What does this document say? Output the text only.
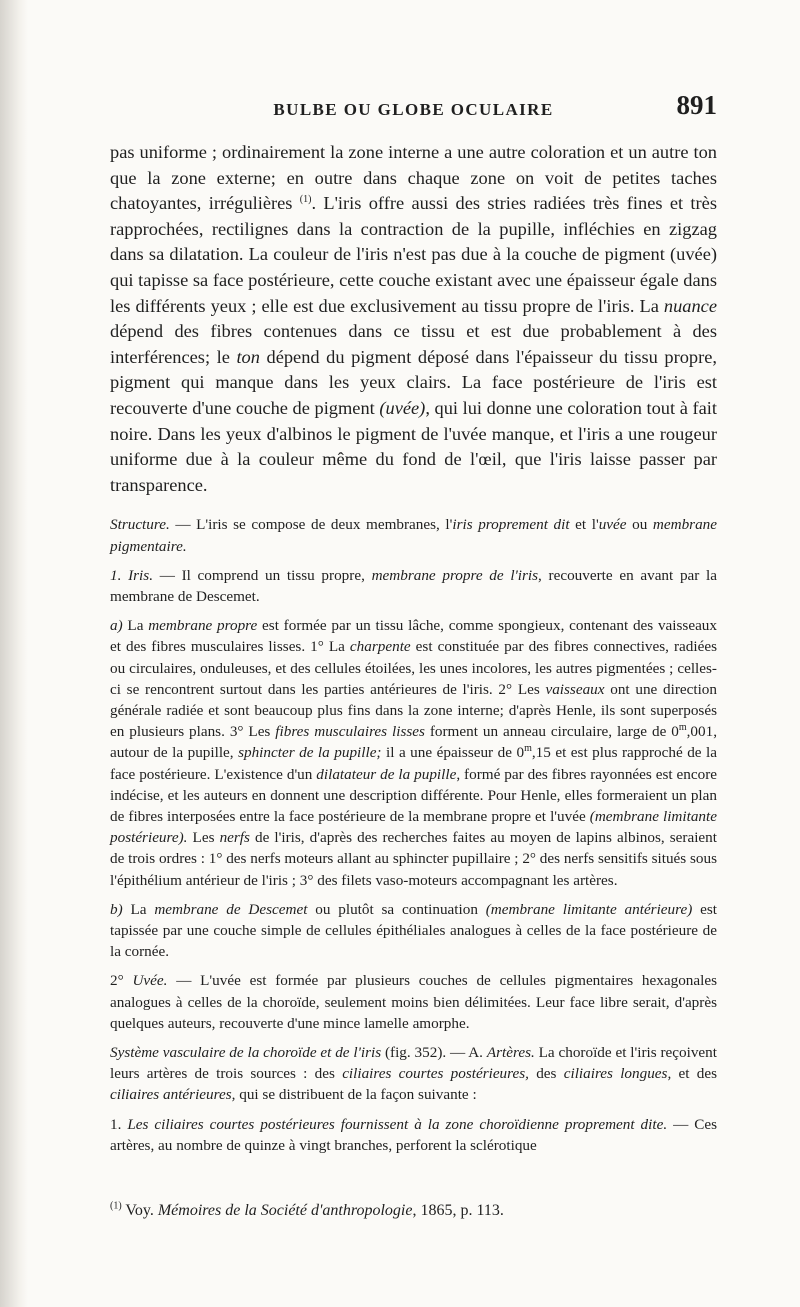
BULBE OU GLOBE OCULAIRE	891

pas uniforme ; ordinairement la zone interne a une autre coloration et un autre ton que la zone externe; en outre dans chaque zone on voit de petites taches chatoyantes, irrégulières $^{(1)}$. L'iris offre aussi des stries radiées très fines et très rapprochées, rectilignes dans la contraction de la pupille, infléchies en zigzag dans sa dilatation. La couleur de l'iris n'est pas due à la couche de pigment (uvée) qui tapisse sa face postérieure, cette couche existant avec une épaisseur égale dans les différents yeux ; elle est due exclusivement au tissu propre de l'iris. La nuance dépend des fibres contenues dans ce tissu et est due probablement à des interférences; le ton dépend du pigment déposé dans l'épaisseur du tissu propre, pigment qui manque dans les yeux clairs. La face postérieure de l'iris est recouverte d'une couche de pigment (uvée), qui lui donne une coloration tout à fait noire. Dans les yeux d'albinos le pigment de l'uvée manque, et l'iris a une rougeur uniforme due à la couleur même du fond de l'œil, que l'iris laisse passer par transparence.

Structure. — L'iris se compose de deux membranes, l'iris proprement dit et l'uvée ou membrane pigmentaire.

1. Iris. — Il comprend un tissu propre, membrane propre de l'iris, recouverte en avant par la membrane de Descemet.

a) La membrane propre est formée par un tissu lâche, comme spongieux, contenant des vaisseaux et des fibres musculaires lisses. 1° La charpente est constituée par des fibres connectives, radiées ou circulaires, onduleuses, et des cellules étoilées, les unes incolores, les autres pigmentées ; celles-ci se rencontrent surtout dans les parties antérieures de l'iris. 2° Les vaisseaux ont une direction générale radiée et sont beaucoup plus fins dans la zone interne; d'après Henle, ils sont superposés en plusieurs plans. 3° Les fibres musculaires lisses forment un anneau circulaire, large de 0$^m$,001, autour de la pupille, sphincter de la pupille; il a une épaisseur de 0$^m$,15 et est plus rapproché de la face postérieure. L'existence d'un dilatateur de la pupille, formé par des fibres rayonnées est encore indécise, et les auteurs en donnent une description différente. Pour Henle, elles formeraient un plan de fibres interposées entre la face postérieure de la membrane propre et l'uvée (membrane limitante postérieure). Les nerfs de l'iris, d'après des recherches faites au moyen de lapins albinos, seraient de trois ordres : 1° des nerfs moteurs allant au sphincter pupillaire ; 2° des nerfs sensitifs situés sous l'épithélium antérieur de l'iris ; 3° des filets vaso-moteurs accompagnant les artères.

b) La membrane de Descemet ou plutôt sa continuation (membrane limitante antérieure) est tapissée par une couche simple de cellules épithéliales analogues à celles de la face postérieure de la cornée.

2° Uvée. — L'uvée est formée par plusieurs couches de cellules pigmentaires hexagonales analogues à celles de la choroïde, seulement moins bien délimitées. Leur face libre serait, d'après quelques auteurs, recouverte d'une mince lamelle amorphe.

Système vasculaire de la choroïde et de l'iris (fig. 352). — A. Artères. La choroïde et l'iris reçoivent leurs artères de trois sources : des ciliaires courtes postérieures, des ciliaires longues, et des ciliaires antérieures, qui se distribuent de la façon suivante :

1. Les ciliaires courtes postérieures fournissent à la zone choroïdienne proprement dite. — Ces artères, au nombre de quinze à vingt branches, perforent la sclérotique

$^{(1)}$ Voy. Mémoires de la Société d'anthropologie, 1865, p. 113.
